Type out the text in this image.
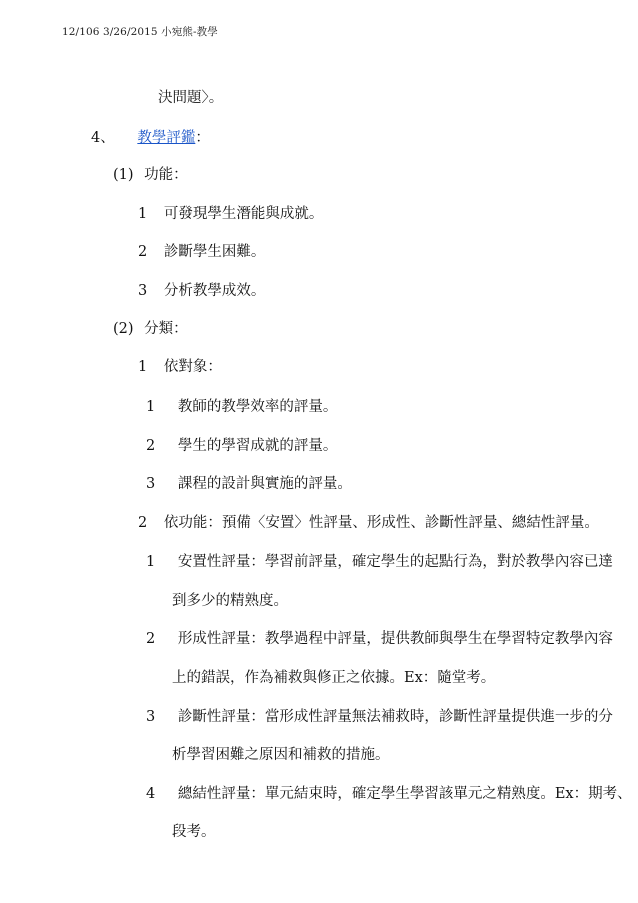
12/106 3/26/2015 小宛熊-教學
決問題〉。
4、 教學評鑑：
(1) 功能：
1 可發現學生潛能與成就。
2 診斷學生困難。
3 分析教學成效。
(2) 分類：
1 依對象：
1 教師的教學效率的評量。
2 學生的學習成就的評量。
3 課程的設計與實施的評量。
2 依功能：預備〈安置〉性評量、形成性、診斷性評量、總結性評量。
1 安置性評量：學習前評量，確定學生的起點行為，對於教學內容已達
到多少的精熟度。
2 形成性評量：教學過程中評量，提供教師與學生在學習特定教學內容
上的錯誤，作為補救與修正之依據。Ex：隨堂考。
3 診斷性評量：當形成性評量無法補救時，診斷性評量提供進一步的分
析學習困難之原因和補救的措施。
4 總結性評量：單元結束時，確定學生學習該單元之精熟度。Ex：期考、
段考。
